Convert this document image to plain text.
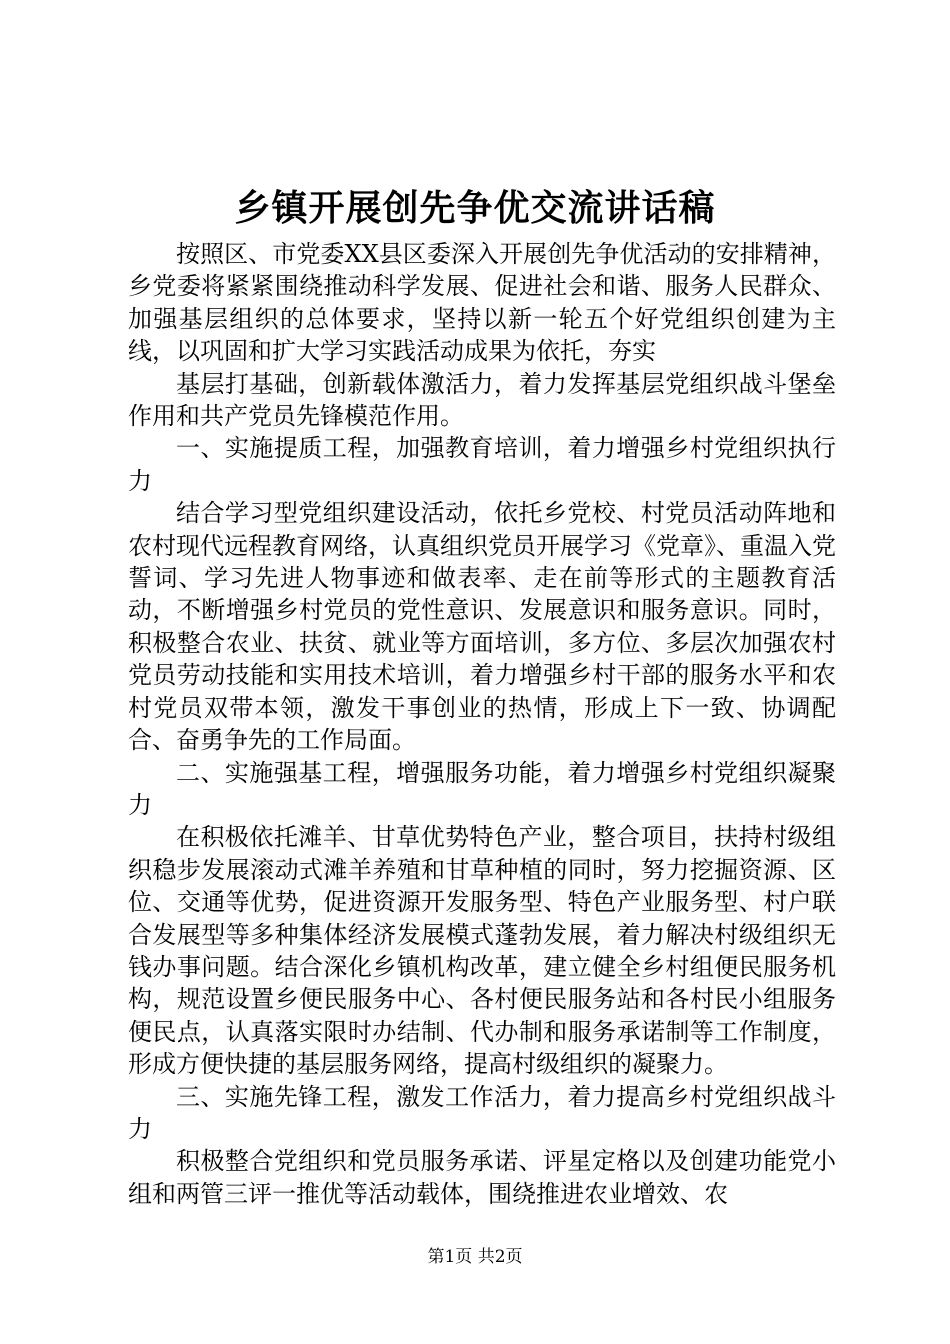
乡镇开展创先争优交流讲话稿

按照区、市党委XX县区委深入开展创先争优活动的安排精神，乡党委将紧紧围绕推动科学发展、促进社会和谐、服务人民群众、加强基层组织的总体要求，坚持以新一轮五个好党组织创建为主线，以巩固和扩大学习实践活动成果为依托，夯实

基层打基础，创新载体激活力，着力发挥基层党组织战斗堡垒作用和共产党员先锋模范作用。

一、实施提质工程，加强教育培训，着力增强乡村党组织执行力

结合学习型党组织建设活动，依托乡党校、村党员活动阵地和农村现代远程教育网络，认真组织党员开展学习《党章》、重温入党誓词、学习先进人物事迹和做表率、走在前等形式的主题教育活动，不断增强乡村党员的党性意识、发展意识和服务意识。同时，积极整合农业、扶贫、就业等方面培训，多方位、多层次加强农村党员劳动技能和实用技术培训，着力增强乡村干部的服务水平和农村党员双带本领，激发干事创业的热情，形成上下一致、协调配合、奋勇争先的工作局面。

二、实施强基工程，增强服务功能，着力增强乡村党组织凝聚力

在积极依托滩羊、甘草优势特色产业，整合项目，扶持村级组织稳步发展滚动式滩羊养殖和甘草种植的同时，努力挖掘资源、区位、交通等优势，促进资源开发服务型、特色产业服务型、村户联合发展型等多种集体经济发展模式蓬勃发展，着力解决村级组织无钱办事问题。结合深化乡镇机构改革，建立健全乡村组便民服务机构，规范设置乡便民服务中心、各村便民服务站和各村民小组服务便民点，认真落实限时办结制、代办制和服务承诺制等工作制度，形成方便快捷的基层服务网络，提高村级组织的凝聚力。

三、实施先锋工程，激发工作活力，着力提高乡村党组织战斗力

积极整合党组织和党员服务承诺、评星定格以及创建功能党小组和两管三评一推优等活动载体，围绕推进农业增效、农

第1页 共2页
